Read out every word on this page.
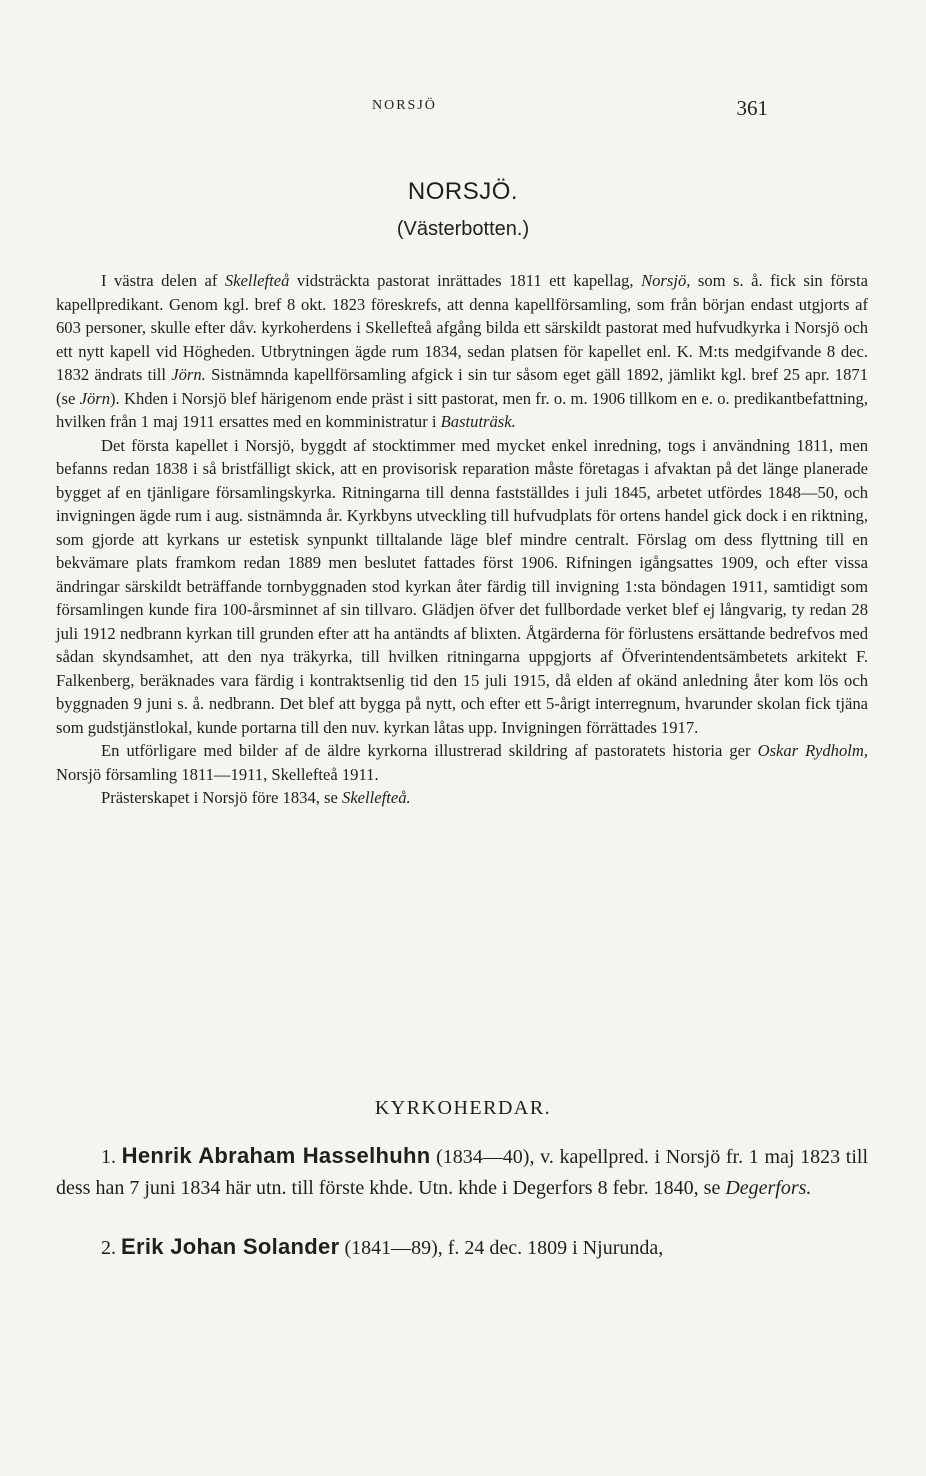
NORSJÖ	361
NORSJÖ.
(Västerbotten.)

I västra delen af Skellefteå vidsträckta pastorat inrättades 1811 ett kapellag, Norsjö, som s. å. fick sin första kapellpredikant. Genom kgl. bref 8 okt. 1823 föreskrefs, att denna kapellförsamling, som från början endast utgjorts af 603 personer, skulle efter dåv. kyrkoherdens i Skellefteå afgång bilda ett särskildt pastorat med hufvudkyrka i Norsjö och ett nytt kapell vid Högheden. Utbrytningen ägde rum 1834, sedan platsen för kapellet enl. K. M:ts medgifvande 8 dec. 1832 ändrats till Jörn. Sistnämnda kapellförsamling afgick i sin tur såsom eget gäll 1892, jämlikt kgl. bref 25 apr. 1871 (se Jörn). Khden i Norsjö blef härigenom ende präst i sitt pastorat, men fr. o. m. 1906 tillkom en e. o. predikantbefattning, hvilken från 1 maj 1911 ersattes med en komministratur i Bastuträsk.

Det första kapellet i Norsjö, byggdt af stocktimmer med mycket enkel inredning, togs i användning 1811, men befanns redan 1838 i så bristfälligt skick, att en provisorisk reparation måste företagas i afvaktan på det länge planerade bygget af en tjänligare församlingskyrka. Ritningarna till denna fastställdes i juli 1845, arbetet utfördes 1848—50, och invigningen ägde rum i aug. sistnämnda år. Kyrkbyns utveckling till hufvudplats för ortens handel gick dock i en riktning, som gjorde att kyrkans ur estetisk synpunkt tilltalande läge blef mindre centralt. Förslag om dess flyttning till en bekvämare plats framkom redan 1889 men beslutet fattades först 1906. Rifningen igångsattes 1909, och efter vissa ändringar särskildt beträffande tornbyggnaden stod kyrkan åter färdig till invigning 1:sta böndagen 1911, samtidigt som församlingen kunde fira 100-årsminnet af sin tillvaro. Glädjen öfver det fullbordade verket blef ej långvarig, ty redan 28 juli 1912 nedbrann kyrkan till grunden efter att ha antändts af blixten. Åtgärderna för förlustens ersättande bedrefvos med sådan skyndsamhet, att den nya träkyrka, till hvilken ritningarna uppgjorts af Öfverintendentsämbetets arkitekt F. Falkenberg, beräknades vara färdig i kontraktsenlig tid den 15 juli 1915, då elden af okänd anledning åter kom lös och byggnaden 9 juni s. å. nedbrann. Det blef att bygga på nytt, och efter ett 5-årigt interregnum, hvarunder skolan fick tjäna som gudstjänstlokal, kunde portarna till den nuv. kyrkan låtas upp. Invigningen förrättades 1917.

En utförligare med bilder af de äldre kyrkorna illustrerad skildring af pastoratets historia ger Oskar Rydholm, Norsjö församling 1811—1911, Skellefteå 1911.

Prästerskapet i Norsjö före 1834, se Skellefteå.

KYRKOHERDAR.

1. Henrik Abraham Hasselhuhn (1834—40), v. kapellpred. i Norsjö fr. 1 maj 1823 till dess han 7 juni 1834 här utn. till förste khde. Utn. khde i Degerfors 8 febr. 1840, se Degerfors.

2. Erik Johan Solander (1841—89), f. 24 dec. 1809 i Njurunda,
